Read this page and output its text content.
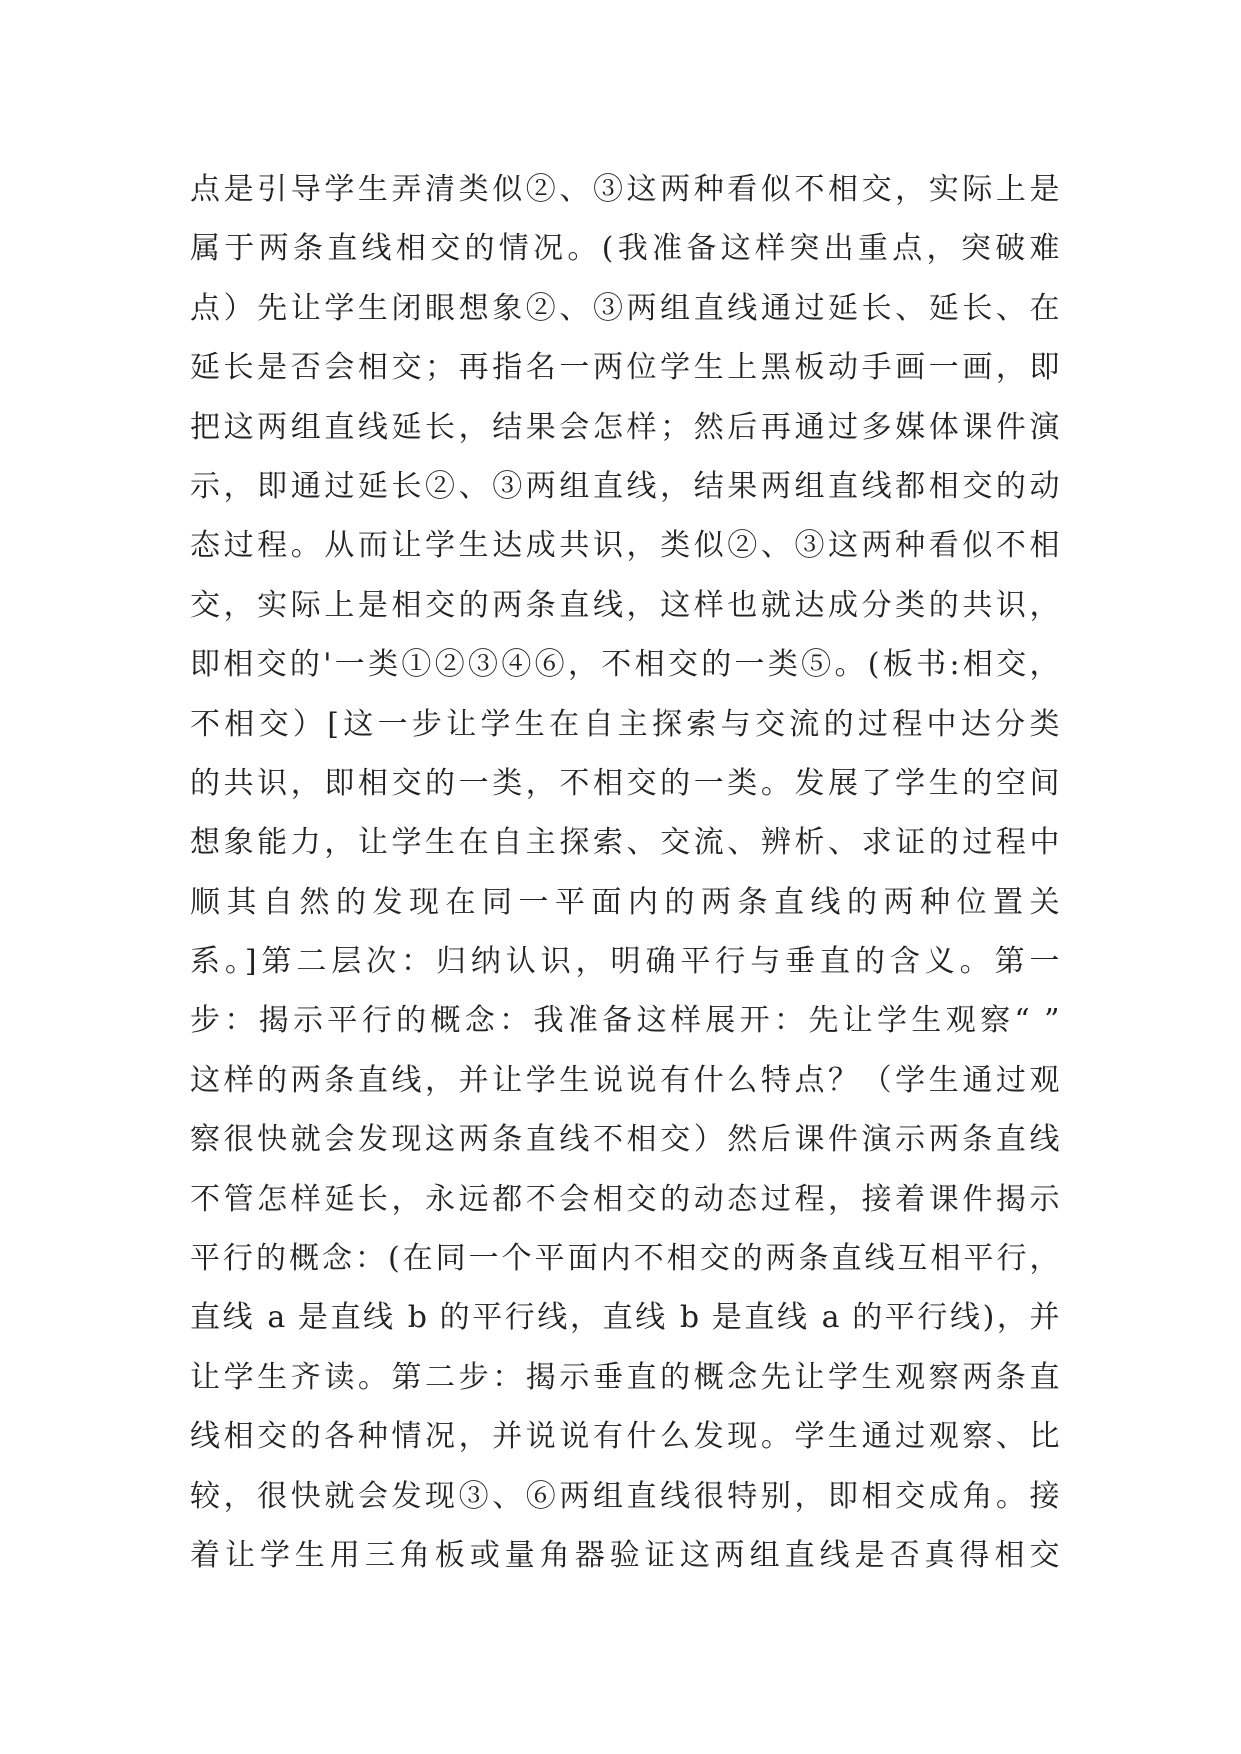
点是引导学生弄清类似②、③这两种看似不相交，实际上是
属于两条直线相交的情况。(我准备这样突出重点，突破难
点）先让学生闭眼想象②、③两组直线通过延长、延长、在
延长是否会相交；再指名一两位学生上黑板动手画一画，即
把这两组直线延长，结果会怎样；然后再通过多媒体课件演
示，即通过延长②、③两组直线，结果两组直线都相交的动
态过程。从而让学生达成共识，类似②、③这两种看似不相
交，实际上是相交的两条直线，这样也就达成分类的共识，
即相交的'一类①②③④⑥，不相交的一类⑤。(板书:相交，
不相交）[这一步让学生在自主探索与交流的过程中达分类
的共识，即相交的一类，不相交的一类。发展了学生的空间
想象能力，让学生在自主探索、交流、辨析、求证的过程中
顺其自然的发现在同一平面内的两条直线的两种位置关
系。]第二层次：归纳认识，明确平行与垂直的含义。第一
步：揭示平行的概念：我准备这样展开：先让学生观察“ ”
这样的两条直线，并让学生说说有什么特点？（学生通过观
察很快就会发现这两条直线不相交）然后课件演示两条直线
不管怎样延长，永远都不会相交的动态过程，接着课件揭示
平行的概念：(在同一个平面内不相交的两条直线互相平行，
直线 a 是直线 b 的平行线，直线 b 是直线 a 的平行线)，并
让学生齐读。第二步：揭示垂直的概念先让学生观察两条直
线相交的各种情况，并说说有什么发现。学生通过观察、比
较，很快就会发现③、⑥两组直线很特别，即相交成角。接
着让学生用三角板或量角器验证这两组直线是否真得相交
